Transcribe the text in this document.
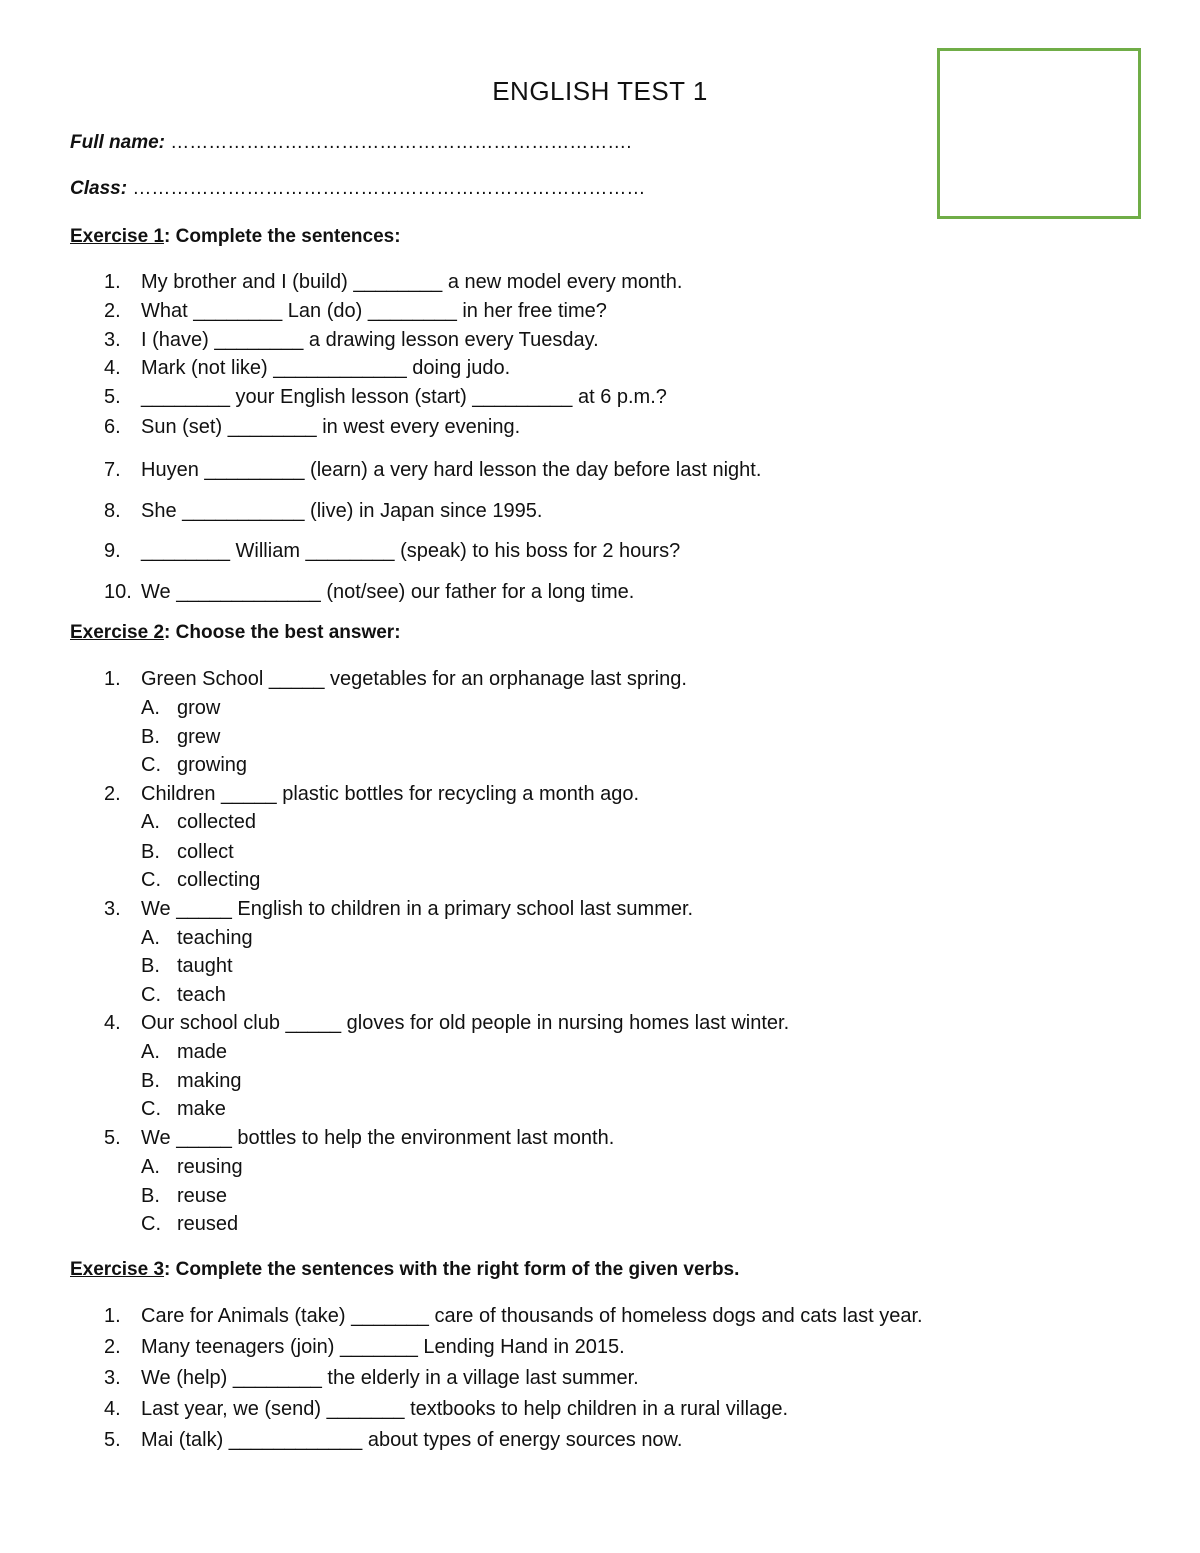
ENGLISH TEST 1
Full name: ……………………………………………………………….
Class: ………………………………………………………………………
Exercise 1: Complete the sentences:
1. My brother and I (build) ________ a new model every month.
2. What ________ Lan (do) ________ in her free time?
3. I (have) ________ a drawing lesson every Tuesday.
4. Mark (not like) ____________ doing judo.
5. ________ your English lesson (start) _________ at 6 p.m.?
6. Sun (set) ________ in west every evening.
7. Huyen _________ (learn) a very hard lesson the day before last night.
8. She ___________ (live) in Japan since 1995.
9. ________ William ________ (speak) to his boss for 2 hours?
10. We _____________ (not/see) our father for a long time.
Exercise 2: Choose the best answer:
1. Green School _____ vegetables for an orphanage last spring.
A. grow
B. grew
C. growing
2. Children _____ plastic bottles for recycling a month ago.
A. collected
B. collect
C. collecting
3. We _____ English to children in a primary school last summer.
A. teaching
B. taught
C. teach
4. Our school club _____ gloves for old people in nursing homes last winter.
A. made
B. making
C. make
5. We _____ bottles to help the environment last month.
A. reusing
B. reuse
C. reused
Exercise 3: Complete the sentences with the right form of the given verbs.
1. Care for Animals (take) _______ care of thousands of homeless dogs and cats last year.
2. Many teenagers (join) _______ Lending Hand in 2015.
3. We (help) ________ the elderly in a village last summer.
4. Last year, we (send) _______ textbooks to help children in a rural village.
5. Mai (talk) ____________ about types of energy sources now.
